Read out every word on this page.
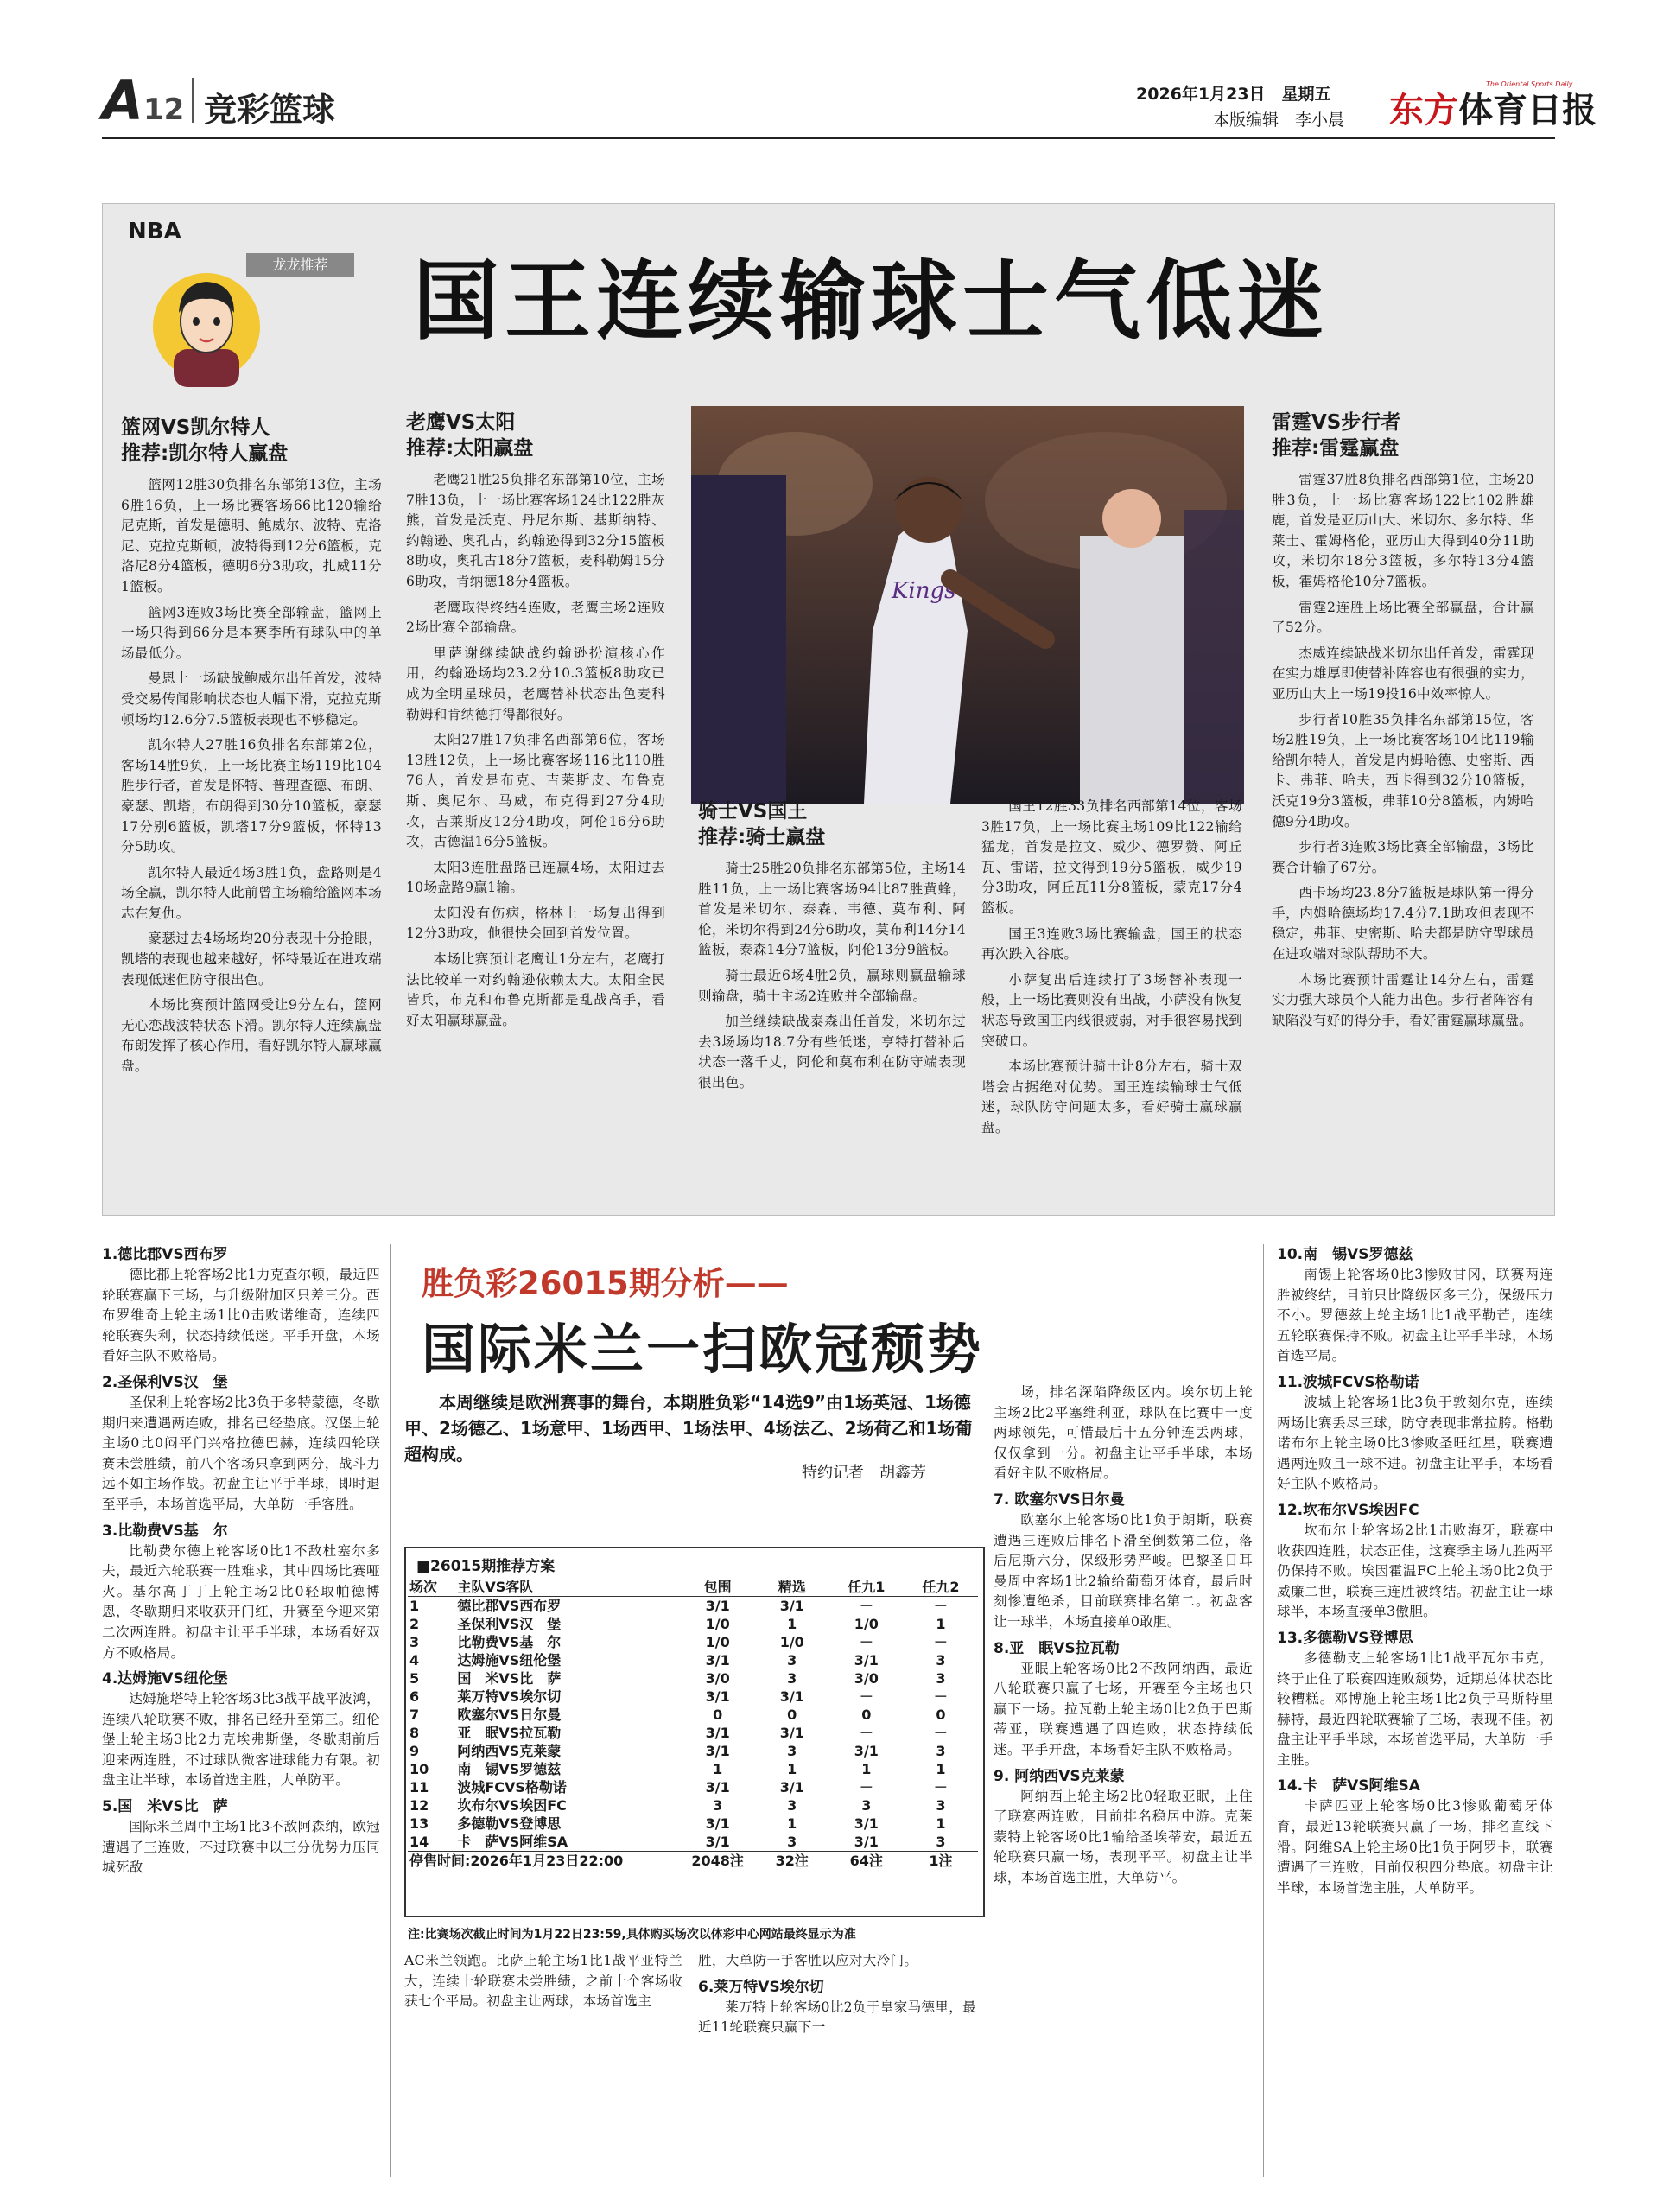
A12 竞彩篮球	2026年1月23日　星期五
本版编辑　李小晨
The Oriental Sports Daily
东方体育日报
NBA
龙龙推荐 国王连续输球士气低迷
篮网VS凯尔特人
推荐:凯尔特人赢盘

篮网12胜30负排名东部第13位，主场6胜16负，上一场比赛客场66比120输给尼克斯，首发是德明、鲍威尔、波特、克洛尼、克拉克斯顿，波特得到12分6篮板，克洛尼8分4篮板，德明6分3助攻，扎威11分1篮板。

篮网3连败3场比赛全部输盘，篮网上一场只得到66分是本赛季所有球队中的单场最低分。

曼恩上一场缺战鲍威尔出任首发，波特受交易传闻影响状态也大幅下滑，克拉克斯顿场均12.6分7.5篮板表现也不够稳定。

凯尔特人27胜16负排名东部第2位，客场14胜9负，上一场比赛主场119比104胜步行者，首发是怀特、普理查德、布朗、豪瑟、凯塔，布朗得到30分10篮板，豪瑟17分别6篮板，凯塔17分9篮板，怀特13分5助攻。

凯尔特人最近4场3胜1负，盘路则是4场全赢，凯尔特人此前曾主场输给篮网本场志在复仇。

豪瑟过去4场场均20分表现十分抢眼，凯塔的表现也越来越好，怀特最近在进攻端表现低迷但防守很出色。

本场比赛预计篮网受让9分左右，篮网无心恋战波特状态下滑。凯尔特人连续赢盘布朗发挥了核心作用，看好凯尔特人赢球赢盘。

老鹰VS太阳
推荐:太阳赢盘

老鹰21胜25负排名东部第10位，主场7胜13负，上一场比赛客场124比122胜灰熊，首发是沃克、丹尼尔斯、基斯纳特、约翰逊、奥孔古，约翰逊得到32分15篮板8助攻，奥孔古18分7篮板，麦科勒姆15分6助攻，肯纳德18分4篮板。

老鹰取得终结4连败，老鹰主场2连败2场比赛全部输盘。

里萨谢继续缺战约翰逊扮演核心作用，约翰逊场均23.2分10.3篮板8助攻已成为全明星球员，老鹰替补状态出色麦科勒姆和肯纳德打得都很好。

太阳27胜17负排名西部第6位，客场13胜12负，上一场比赛客场116比110胜76人，首发是布克、吉莱斯皮、布鲁克斯、奥尼尔、马威，布克得到27分4助攻，吉莱斯皮12分4助攻，阿伦16分6助攻，古德温16分5篮板。

太阳3连胜盘路已连赢4场，太阳过去10场盘路9赢1输。

太阳没有伤病，格林上一场复出得到12分3助攻，他很快会回到首发位置。

本场比赛预计老鹰让1分左右，老鹰打法比较单一对约翰逊依赖太大。太阳全民皆兵，布克和布鲁克斯都是乱战高手，看好太阳赢球赢盘。

Kings
骑士VS国王
推荐:骑士赢盘

骑士25胜20负排名东部第5位，主场14胜11负，上一场比赛客场94比87胜黄蜂，首发是米切尔、泰森、韦德、莫布利、阿伦，米切尔得到24分6助攻，莫布利14分14篮板，泰森14分7篮板，阿伦13分9篮板。

骑士最近6场4胜2负，赢球则赢盘输球则输盘，骑士主场2连败并全部输盘。

加兰继续缺战泰森出任首发，米切尔过去3场场均18.7分有些低迷，亨特打替补后状态一落千丈，阿伦和莫布利在防守端表现很出色。

国王12胜33负排名西部第14位，客场3胜17负，上一场比赛主场109比122输给猛龙，首发是拉文、威少、德罗赞、阿丘瓦、雷诺，拉文得到19分5篮板，威少19分3助攻，阿丘瓦11分8篮板，蒙克17分4篮板。

国王3连败3场比赛输盘，国王的状态再次跌入谷底。

小萨复出后连续打了3场替补表现一般，上一场比赛则没有出战，小萨没有恢复状态导致国王内线很疲弱，对手很容易找到突破口。

本场比赛预计骑士让8分左右，骑士双塔会占据绝对优势。国王连续输球士气低迷，球队防守问题太多，看好骑士赢球赢盘。

雷霆VS步行者
推荐:雷霆赢盘

雷霆37胜8负排名西部第1位，主场20胜3负，上一场比赛客场122比102胜雄鹿，首发是亚历山大、米切尔、多尔特、华莱士、霍姆格伦，亚历山大得到40分11助攻，米切尔18分3篮板，多尔特13分4篮板，霍姆格伦10分7篮板。

雷霆2连胜上场比赛全部赢盘，合计赢了52分。

杰威连续缺战米切尔出任首发，雷霆现在实力雄厚即使替补阵容也有很强的实力，亚历山大上一场19投16中效率惊人。

步行者10胜35负排名东部第15位，客场2胜19负，上一场比赛客场104比119输给凯尔特人，首发是内姆哈德、史密斯、西卡、弗菲、哈夫，西卡得到32分10篮板，沃克19分3篮板，弗菲10分8篮板，内姆哈德9分4助攻。

步行者3连败3场比赛全部输盘，3场比赛合计输了67分。

西卡场均23.8分7篮板是球队第一得分手，内姆哈德场均17.4分7.1助攻但表现不稳定，弗菲、史密斯、哈夫都是防守型球员在进攻端对球队帮助不大。

本场比赛预计雷霆让14分左右，雷霆实力强大球员个人能力出色。步行者阵容有缺陷没有好的得分手，看好雷霆赢球赢盘。

1.德比郡VS西布罗

德比郡上轮客场2比1力克查尔顿，最近四轮联赛赢下三场，与升级附加区只差三分。西布罗维奇上轮主场1比0击败诺维奇，连续四轮联赛失利，状态持续低迷。平手开盘，本场看好主队不败格局。

2.圣保利VS汉　堡

圣保利上轮客场2比3负于多特蒙德，冬歇期归来遭遇两连败，排名已经垫底。汉堡上轮主场0比0闷平门兴格拉德巴赫，连续四轮联赛未尝胜绩，前八个客场只拿到两分，战斗力远不如主场作战。初盘主让平手半球，即时退至平手，本场首选平局，大单防一手客胜。

3.比勒费VS基　尔

比勒费尔德上轮客场0比1不敌杜塞尔多夫，最近六轮联赛一胜难求，其中四场比赛哑火。基尔高丁丁上轮主场2比0轻取帕德博恩，冬歇期归来收获开门红，升赛至今迎来第二次两连胜。初盘主让平手半球，本场看好双方不败格局。

4.达姆施VS纽伦堡

达姆施塔特上轮客场3比3战平战平波鸿，连续八轮联赛不败，排名已经升至第三。纽伦堡上轮主场3比2力克埃弗斯堡，冬歇期前后迎来两连胜，不过球队微客进球能力有限。初盘主让半球，本场首选主胜，大单防平。

5.国　米VS比　萨

国际米兰周中主场1比3不敌阿森纳，欧冠遭遇了三连败，不过联赛中以三分优势力压同城死敌

胜负彩26015期分析——
国际米兰一扫欧冠颓势
本周继续是欧洲赛事的舞台，本期胜负彩“14选9”由1场英冠、1场德甲、2场德乙、1场意甲、1场西甲、1场法甲、4场法乙、2场荷乙和1场葡超构成。
特约记者　胡鑫芳

场，排名深陷降级区内。埃尔切上轮主场2比2平塞维利亚，球队在比赛中一度两球领先，可惜最后十五分钟连丢两球，仅仅拿到一分。初盘主让平手半球，本场看好主队不败格局。

7. 欧塞尔VS日尔曼

欧塞尔上轮客场0比1负于朗斯，联赛遭遇三连败后排名下滑至倒数第二位，落后尼斯六分，保级形势严峻。巴黎圣日耳曼周中客场1比2输给葡萄牙体育，最后时刻惨遭绝杀，目前联赛排名第二。初盘客让一球半，本场直接单0敢胆。

8.亚　眠VS拉瓦勒

亚眠上轮客场0比2不敌阿纳西，最近八轮联赛只赢了七场，开赛至今主场也只赢下一场。拉瓦勒上轮主场0比2负于巴斯蒂亚，联赛遭遇了四连败，状态持续低迷。平手开盘，本场看好主队不败格局。

9. 阿纳西VS克莱蒙

阿纳西上轮主场2比0轻取亚眠，止住了联赛两连败，目前排名稳居中游。克莱蒙特上轮客场0比1输给圣埃蒂安，最近五轮联赛只赢一场，表现平平。初盘主让半球，本场首选主胜，大单防平。

■26015期推荐方案
场次	主队VS客队	包围	精选	任九1	任九2
1	德比郡VS西布罗	3/1	3/1	－	－
2	圣保利VS汉　堡	1/0	1	1/0	1
3	比勒费VS基　尔	1/0	1/0	－	－
4	达姆施VS纽伦堡	3/1	3	3/1	3
5	国　米VS比　萨	3/0	3	3/0	3
6	莱万特VS埃尔切	3/1	3/1	－	－
7	欧塞尔VS日尔曼	0	0	0	0
8	亚　眠VS拉瓦勒	3/1	3/1	－	－
9	阿纳西VS克莱蒙	3/1	3	3/1	3
10	南　锡VS罗德兹	1	1	1	1
11	波城FCVS格勒诺	3/1	3/1	－	－
12	坎布尔VS埃因FC	3	3	3	3
13	多德勒VS登博思	3/1	1	3/1	1
14	卡　萨VS阿维SA	3/1	3	3/1	3
停售时间:2026年1月23日22:00		2048注	32注	64注	1注
注:比赛场次截止时间为1月22日23:59,具体购买场次以体彩中心网站最终显示为准

AC米兰领跑。比萨上轮主场1比1战平亚特兰大，连续十轮联赛未尝胜绩，之前十个客场收获七个平局。初盘主让两球，本场首选主

胜，大单防一手客胜以应对大冷门。

6.莱万特VS埃尔切

莱万特上轮客场0比2负于皇家马德里，最近11轮联赛只赢下一

10.南　锡VS罗德兹

南锡上轮客场0比3惨败甘冈，联赛两连胜被终结，目前只比降级区多三分，保级压力不小。罗德兹上轮主场1比1战平勒芒，连续五轮联赛保持不败。初盘主让平手半球，本场首选平局。

11.波城FCVS格勒诺

波城上轮客场1比3负于敦刻尔克，连续两场比赛丢尽三球，防守表现非常拉胯。格勒诺布尔上轮主场0比3惨败圣旺红星，联赛遭遇两连败且一球不进。初盘主让平手，本场看好主队不败格局。

12.坎布尔VS埃因FC

坎布尔上轮客场2比1击败海牙，联赛中收获四连胜，状态正佳，这赛季主场九胜两平仍保持不败。埃因霍温FC上轮主场0比2负于威廉二世，联赛三连胜被终结。初盘主让一球球半，本场直接单3傲胆。

13.多德勒VS登博思

多德勒支上轮客场1比1战平瓦尔韦克，终于止住了联赛四连败颓势，近期总体状态比较糟糕。邓博施上轮主场1比2负于马斯特里赫特，最近四轮联赛输了三场，表现不佳。初盘主让平手半球，本场首选平局，大单防一手主胜。

14.卡　萨VS阿维SA

卡萨匹亚上轮客场0比3惨败葡萄牙体育，最近13轮联赛只赢了一场，排名直线下滑。阿维SA上轮主场0比1负于阿罗卡，联赛遭遇了三连败，目前仅积四分垫底。初盘主让半球，本场首选主胜，大单防平。
